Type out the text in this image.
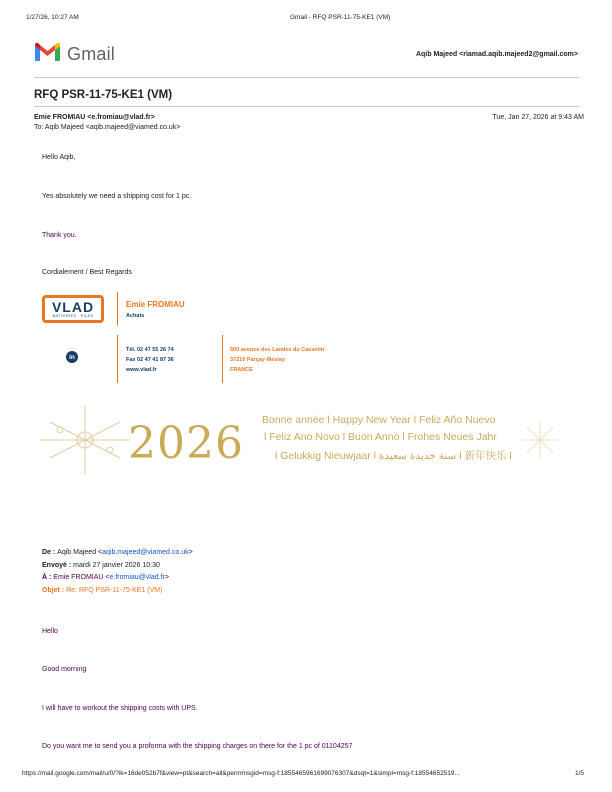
1/27/26, 10:27 AM	Gmail - RFQ PSR-11-75-KE1 (VM)
Gmail	Aqib Majeed <riamad.aqib.majeed2@gmail.com>
RFQ PSR-11-75-KE1 (VM)
Emie FROMIAU <e.fromiau@vlad.fr>	Tue, Jan 27, 2026 at 9:43 AM
To: Aqib Majeed <aqib.majeed@viamed.co.uk>
Hello Aqib,
Yes absolutely we need a shipping cost for 1 pc.
Thank you.
Cordialement / Best Regards
VLAD
BATTERIES · PILES
Emie FROMIAU
Achats
in
Tél. 02 47 55 26 74
Fax 02 47 41 87 36
www.vlad.fr
500 avenue des Landes du Cassetin
37210 Parçay-Meslay
FRANCE
2026 Bonne année l Happy New Year l Feliz Año Nuevo
l Feliz Ano Novo l Buon Anno l Frohes Neues Jahr
l Gelukkig Nieuwjaar l سنة جديدة سعيدة l 新年快乐 l
De : Aqib Majeed <aqib.majeed@viamed.co.uk>
Envoyé : mardi 27 janvier 2026 10:30
À : Emie FROMIAU <e.fromiau@vlad.fr>
Objet : Re: RFQ PSR-11-75-KE1 (VM)
Hello
Good morning
I will have to workout the shipping costs with UPS.
Do you want me to send you a proforma with the shipping charges on there for the 1 pc of 01104257
https://mail.google.com/mail/u/0/?ik=16de052b7f&view=pt&search=all&permmsgid=msg-f:1855465961699076307&dsqt=1&simpl=msg-f:18554652519...	1/5
